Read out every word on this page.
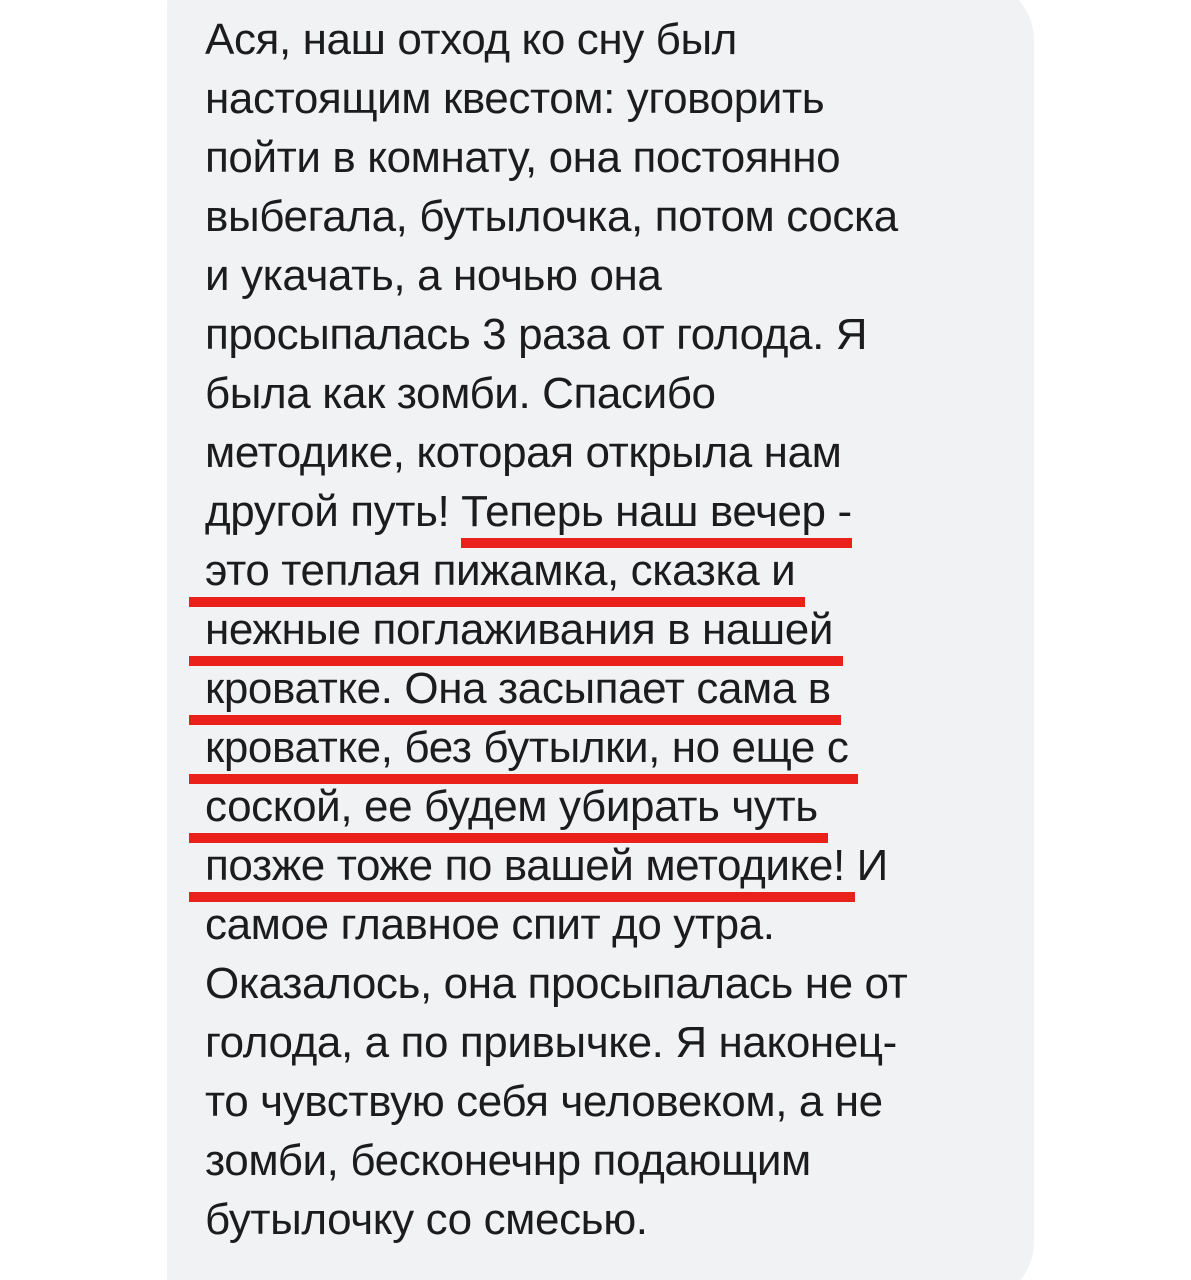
Ася, наш отход ко сну был
настоящим квестом: уговорить
пойти в комнату, она постоянно
выбегала, бутылочка, потом соска
и укачать, а ночью она
просыпалась 3 раза от голода. Я
была как зомби. Спасибо
методике, которая открыла нам
другой путь! Теперь наш вечер -
это теплая пижамка, сказка и
нежные поглаживания в нашей
кроватке. Она засыпает сама в
кроватке, без бутылки, но еще с
соской, ее будем убирать чуть
позже тоже по вашей методике! И
самое главное спит до утра.
Оказалось, она просыпалась не от
голода, а по привычке. Я наконец-
то чувствую себя человеком, а не
зомби, бесконечнр подающим
бутылочку со смесью.
